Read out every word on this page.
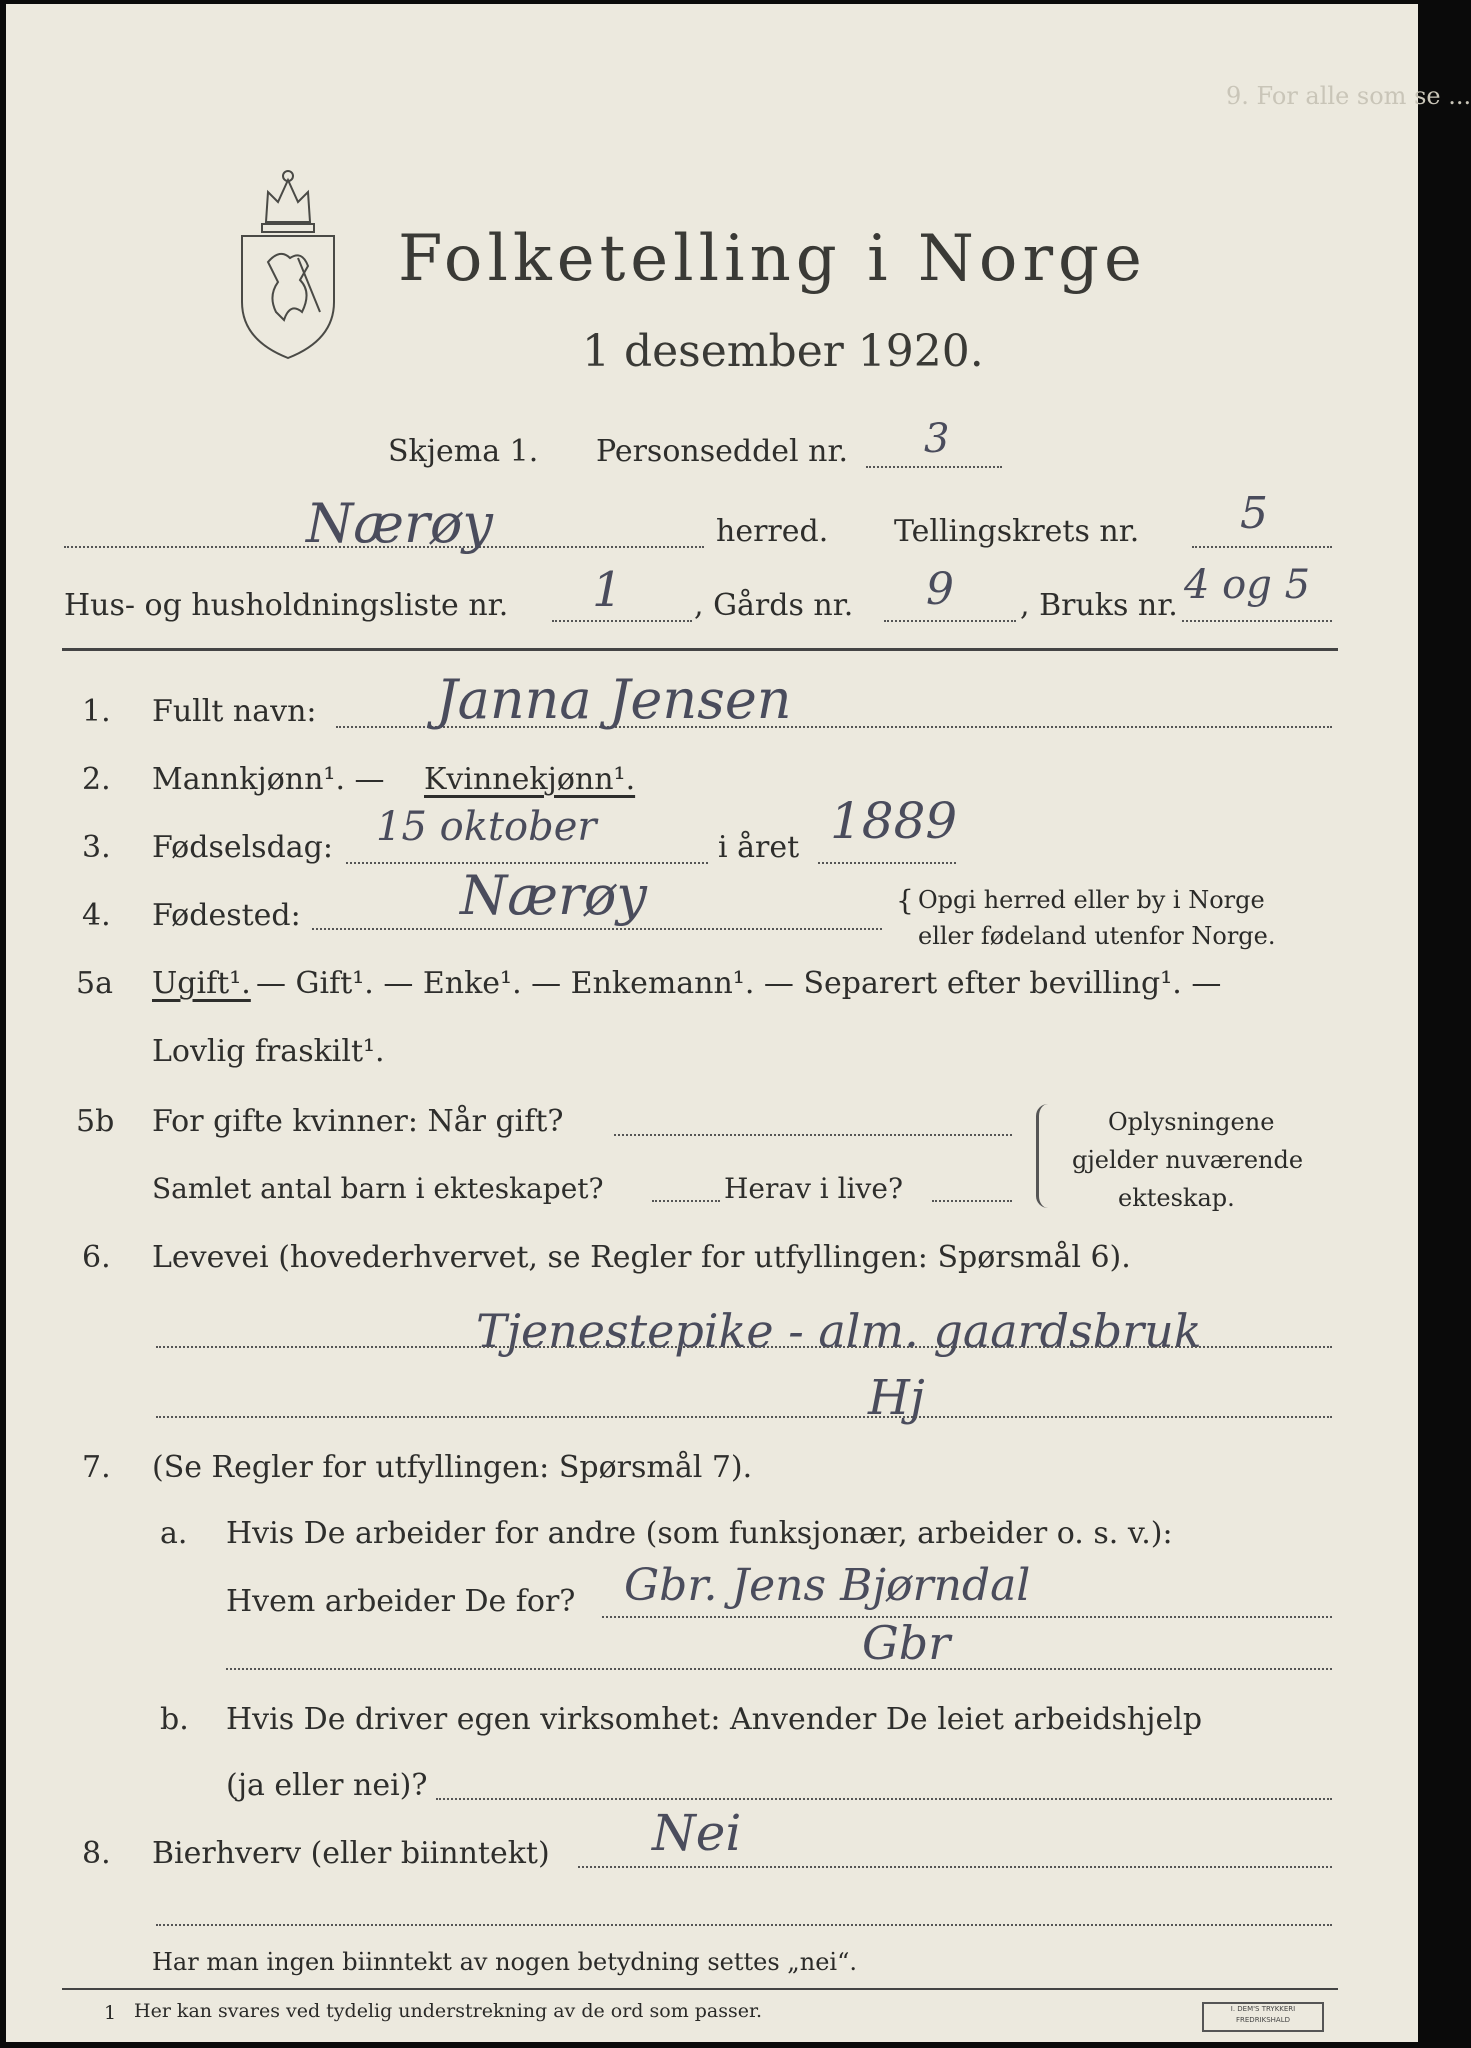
9. For alle som se ...
Folketelling i Norge
1 desember 1920.
Skjema 1. Personseddel nr. 3
Nærøy	herred. Tellingskrets nr. 5
Hus- og husholdningsliste nr. 1 , Gårds nr. 9 , Bruks nr. 4 og 5
1. Fullt navn: Janna Jensen
2. Mannkjønn¹. — Kvinnekjønn¹.
3. Fødselsdag: 15 oktober	i året 1889
4. Fødested:	Nærøy	{ Opgi herred eller by i Norge
eller fødeland utenfor Norge.
5a Ugift¹. — Gift¹. — Enke¹. — Enkemann¹. — Separert efter bevilling¹. —
Lovlig fraskilt¹.
5b For gifte kvinner: Når gift?
Samlet antal barn i ekteskapet?	Herav i live?
Oplysningene
gjelder nuværende
ekteskap.
6. Levevei (hovederhvervet, se Regler for utfyllingen: Spørsmål 6).
Tjenestepike - alm. gaardsbruk
Hj
7. (Se Regler for utfyllingen: Spørsmål 7).
a. Hvis De arbeider for andre (som funksjonær, arbeider o. s. v.):
Hvem arbeider De for? Gbr. Jens Bjørndal
Gbr
b. Hvis De driver egen virksomhet: Anvender De leiet arbeidshjelp
(ja eller nei)?
8. Bierhverv (eller biinntekt) Nei
Har man ingen biinntekt av nogen betydning settes „nei“.
1 Her kan svares ved tydelig understrekning av de ord som passer.	I. DEM'S TRYKKERI
FREDRIKSHALD
